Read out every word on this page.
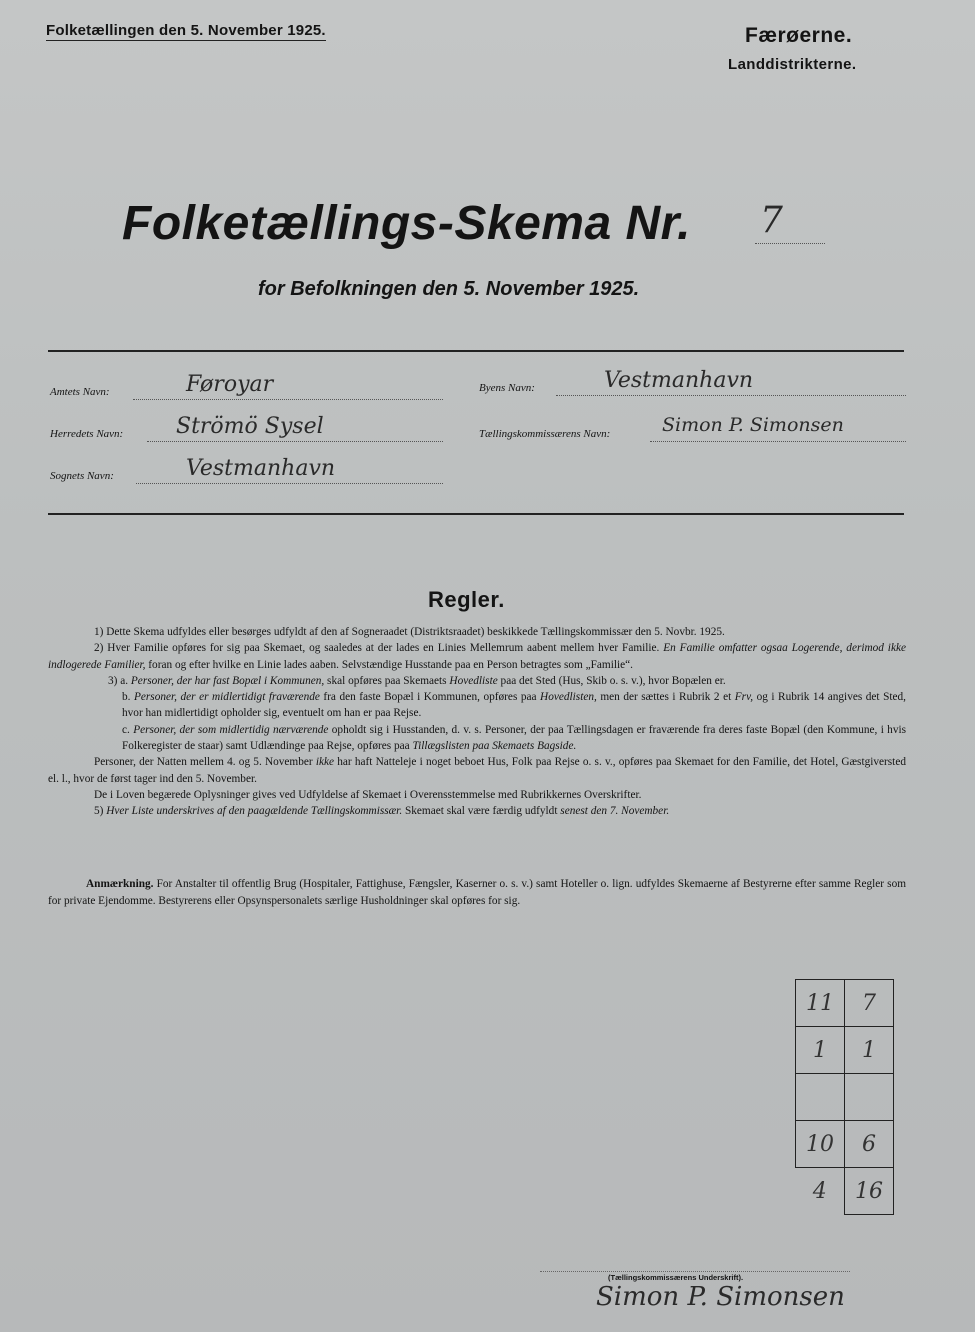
Folketællingen den 5. November 1925.	Færøerne.
Landdistrikterne.
Folketællings-Skema Nr. 7
for Befolkningen den 5. November 1925.
Amtets Navn:	Føroyar
Herredets Navn: Strömö Sysel
Sognets Navn:	Vestmanhavn
Byens Navn:	Vestmanhavn
Tællingskommissærens Navn:	Simon P. Simonsen
Regler.

1) Dette Skema udfyldes eller besørges udfyldt af den af Sogneraadet (Distriktsraadet) beskikkede Tællingskommissær den 5. Novbr. 1925.

2) Hver Familie opføres for sig paa Skemaet, og saaledes at der lades en Linies Mellemrum aabent mellem hver Familie. En Familie omfatter ogsaa Logerende, derimod ikke indlogerede Familier, foran og efter hvilke en Linie lades aaben. Selvstændige Husstande paa en Person betragtes som „Familie“.

3) a. Personer, der har fast Bopæl i Kommunen, skal opføres paa Skemaets Hovedliste paa det Sted (Hus, Skib o. s. v.), hvor Bopælen er.

b. Personer, der er midlertidigt fraværende fra den faste Bopæl i Kommunen, opføres paa Hovedlisten, men der sættes i Rubrik 2 et Frv, og i Rubrik 14 angives det Sted, hvor han midlertidigt opholder sig, eventuelt om han er paa Rejse.

c. Personer, der som midlertidig nærværende opholdt sig i Husstanden, d. v. s. Personer, der paa Tællingsdagen er fraværende fra deres faste Bopæl (den Kommune, i hvis Folkeregister de staar) samt Udlændinge paa Rejse, opføres paa Tillægslisten paa Skemaets Bagside.

Personer, der Natten mellem 4. og 5. November ikke har haft Natteleje i noget beboet Hus, Folk paa Rejse o. s. v., opføres paa Skemaet for den Familie, det Hotel, Gæstgiversted el. l., hvor de først tager ind den 5. November.

De i Loven begærede Oplysninger gives ved Udfyldelse af Skemaet i Overensstemmelse med Rubrikkernes Overskrifter.

5) Hver Liste underskrives af den paagældende Tællingskommissær. Skemaet skal være færdig udfyldt senest den 7. November.

Anmærkning. For Anstalter til offentlig Brug (Hospitaler, Fattighuse, Fængsler, Kaserner o. s. v.) samt Hoteller o. lign. udfyldes Skemaerne af Bestyrerne efter samme Regler som for private Ejendomme. Bestyrerens eller Opsynspersonalets særlige Husholdninger skal opføres for sig.

11	7
1	1

10	6
4	16
(Tællingskommissærens Underskrift).
Simon P. Simonsen
